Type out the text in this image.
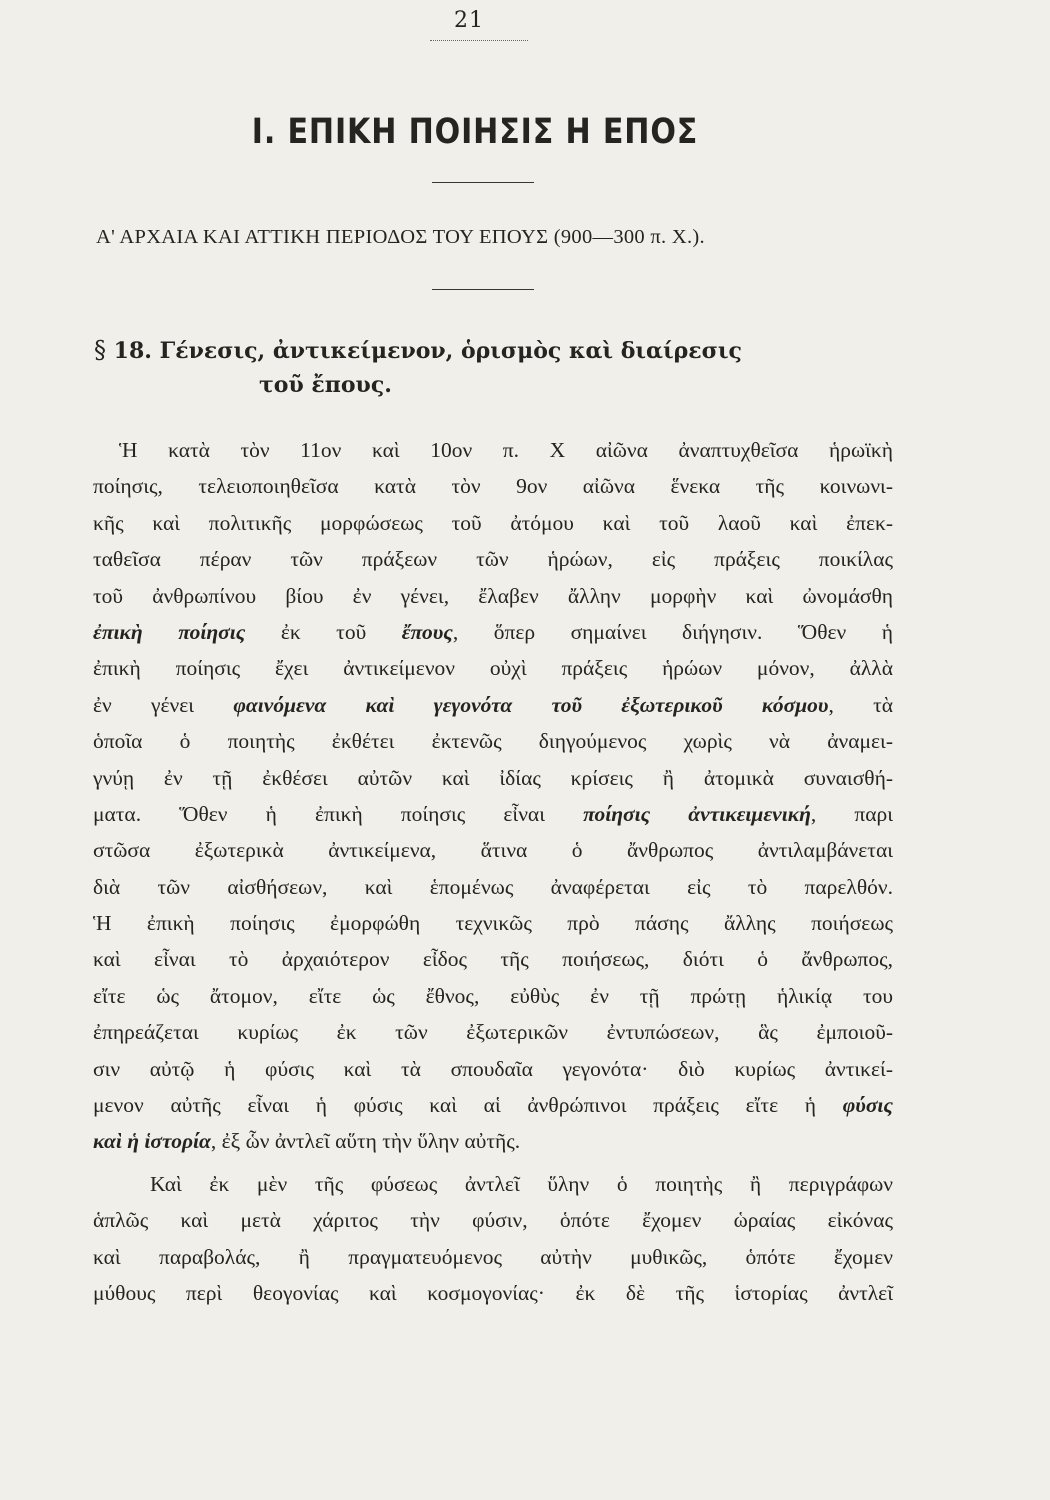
21
I. ΕΠΙΚΗ ΠΟΙΗΣΙΣ Η ΕΠΟΣ
Α' ΑΡΧΑΙΑ ΚΑΙ ΑΤΤΙΚΗ ΠΕΡΙΟΔΟΣ ΤΟΥ ΕΠΟΥΣ (900—300 π. Χ.).
§ 18. Γένεσις, ἀντικείμενον, ὁρισμὸς καὶ διαίρεσις
τοῦ ἔπους.
Ἡ κατὰ τὸν 11ον καὶ 10ον π. Χ αἰῶνα ἀναπτυχθεῖσα ἡρωϊκὴ
ποίησις, τελειοποιηθεῖσα κατὰ τὸν 9ον αἰῶνα ἕνεκα τῆς κοινωνι-
κῆς καὶ πολιτικῆς μορφώσεως τοῦ ἀτόμου καὶ τοῦ λαοῦ καὶ ἐπεκ-
ταθεῖσα πέραν τῶν πράξεων τῶν ἡρώων, εἰς πράξεις ποικίλας
τοῦ ἀνθρωπίνου βίου ἐν γένει, ἔλαβεν ἄλλην μορφὴν καὶ ὠνομάσθη
ἐπικὴ ποίησις ἐκ τοῦ ἔπους, ὅπερ σημαίνει διήγησιν. Ὅθεν ἡ
ἐπικὴ ποίησις ἔχει ἀντικείμενον οὐχὶ πράξεις ἡρώων μόνον, ἀλλὰ
ἐν γένει φαινόμενα καὶ γεγονότα τοῦ ἐξωτερικοῦ κόσμου, τὰ
ὁποῖα ὁ ποιητὴς ἐκθέτει ἐκτενῶς διηγούμενος χωρὶς νὰ ἀναμει-
γνύῃ ἐν τῇ ἐκθέσει αὐτῶν καὶ ἰδίας κρίσεις ἢ ἀτομικὰ συναισθή-
ματα. Ὅθεν ἡ ἐπικὴ ποίησις εἶναι ποίησις ἀντικειμενική, παρι
στῶσα ἐξωτερικὰ ἀντικείμενα, ἅτινα ὁ ἄνθρωπος ἀντιλαμβάνεται
διὰ τῶν αἰσθήσεων, καὶ ἑπομένως ἀναφέρεται εἰς τὸ παρελθόν.
Ἡ ἐπικὴ ποίησις ἐμορφώθη τεχνικῶς πρὸ πάσης ἄλλης ποιήσεως
καὶ εἶναι τὸ ἀρχαιότερον εἶδος τῆς ποιήσεως, διότι ὁ ἄνθρωπος,
εἴτε ὡς ἄτομον, εἴτε ὡς ἔθνος, εὐθὺς ἐν τῇ πρώτῃ ἡλικίᾳ του
ἐπηρεάζεται κυρίως ἐκ τῶν ἐξωτερικῶν ἐντυπώσεων, ἃς ἐμποιοῦ-
σιν αὐτῷ ἡ φύσις καὶ τὰ σπουδαῖα γεγονότα· διὸ κυρίως ἀντικεί-
μενον αὐτῆς εἶναι ἡ φύσις καὶ αἱ ἀνθρώπινοι πράξεις εἴτε ἡ φύσις
καὶ ἡ ἱστορία, ἐξ ὧν ἀντλεῖ αὕτη τὴν ὕλην αὐτῆς.
Καὶ ἐκ μὲν τῆς φύσεως ἀντλεῖ ὕλην ὁ ποιητὴς ἢ περιγράφων
ἁπλῶς καὶ μετὰ χάριτος τὴν φύσιν, ὁπότε ἔχομεν ὡραίας εἰκόνας
καὶ παραβολάς, ἢ πραγματευόμενος αὐτὴν μυθικῶς, ὁπότε ἔχομεν
μύθους περὶ θεογονίας καὶ κοσμογονίας· ἐκ δὲ τῆς ἱστορίας ἀντλεῖ
